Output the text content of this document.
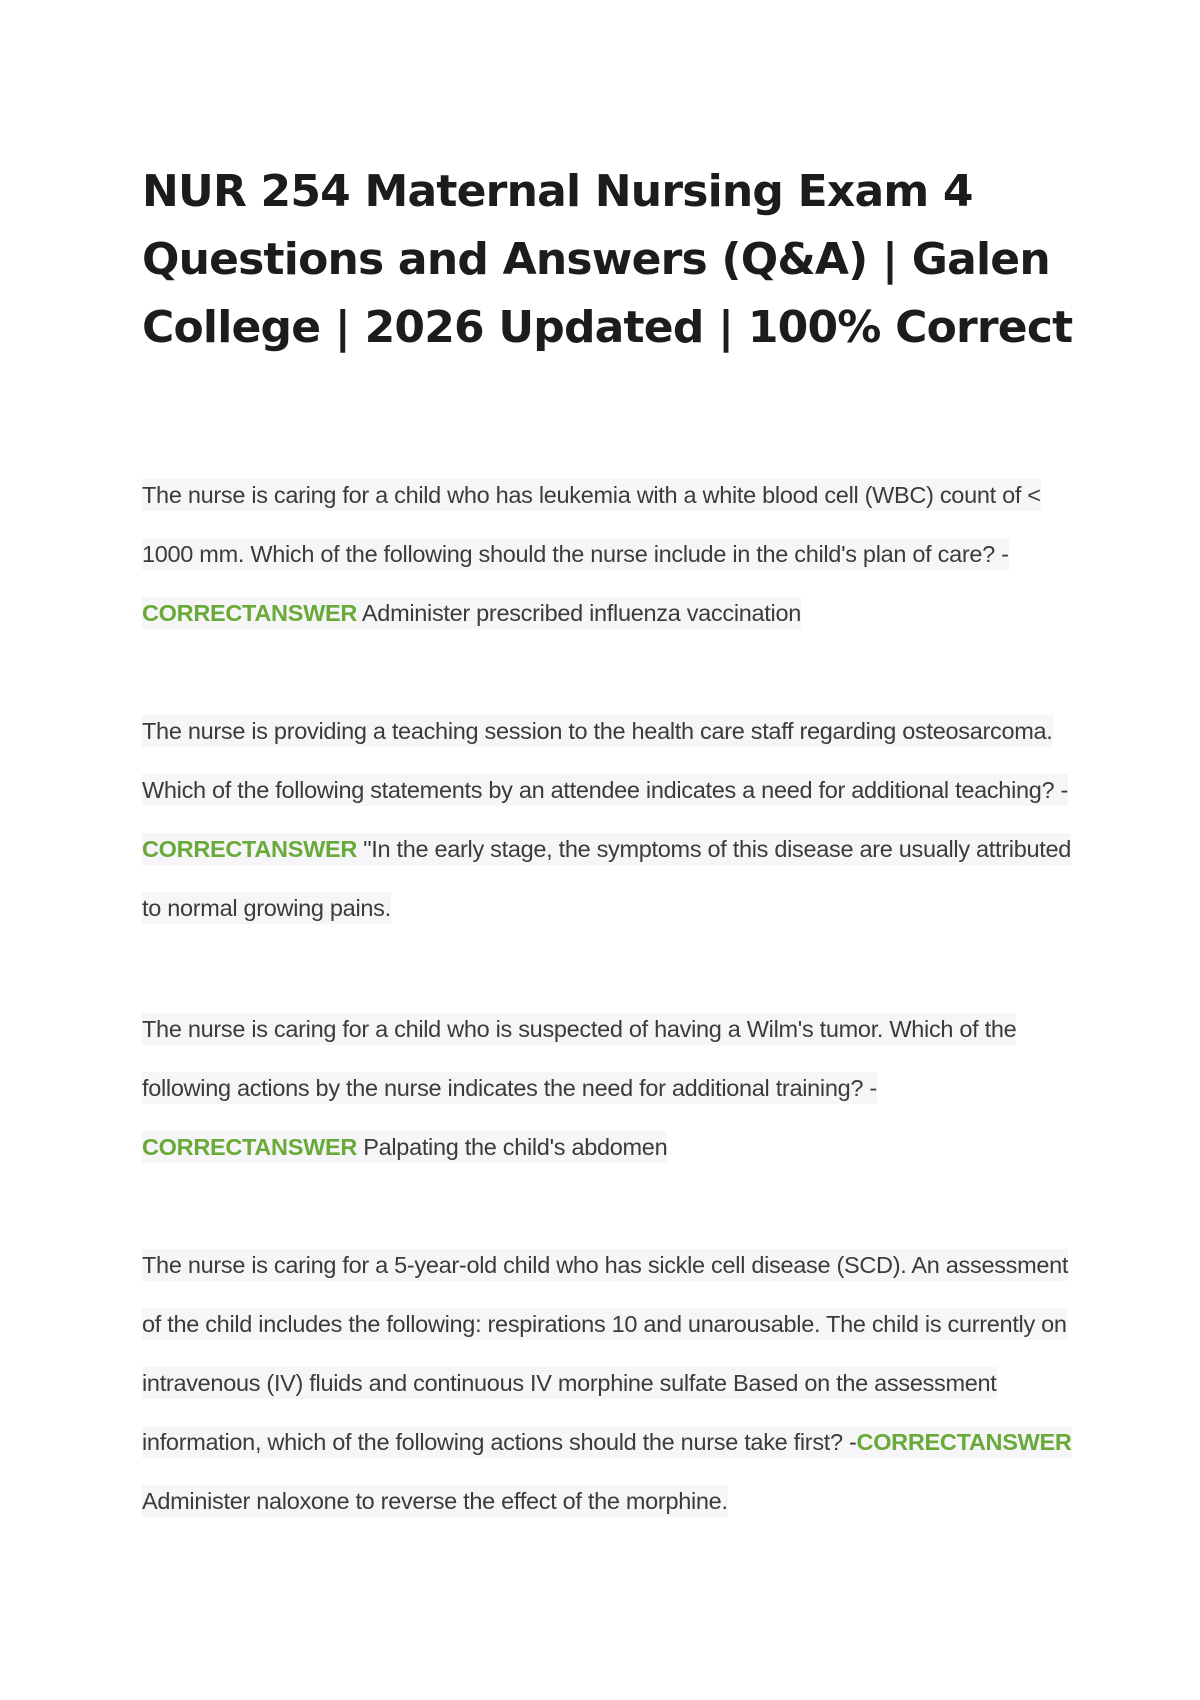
NUR 254 Maternal Nursing Exam 4 Questions and Answers (Q&A) | Galen College | 2026 Updated | 100% Correct

The nurse is caring for a child who has leukemia with a white blood cell (WBC) count of < 1000 mm. Which of the following should the nurse include in the child's plan of care? -CORRECTANSWER Administer prescribed influenza vaccination

The nurse is providing a teaching session to the health care staff regarding osteosarcoma. Which of the following statements by an attendee indicates a need for additional teaching? -CORRECTANSWER "In the early stage, the symptoms of this disease are usually attributed to normal growing pains.

The nurse is caring for a child who is suspected of having a Wilm's tumor. Which of the following actions by the nurse indicates the need for additional training? -CORRECTANSWER Palpating the child's abdomen

The nurse is caring for a 5-year-old child who has sickle cell disease (SCD). An assessment of the child includes the following: respirations 10 and unarousable. The child is currently on intravenous (IV) fluids and continuous IV morphine sulfate Based on the assessment information, which of the following actions should the nurse take first? -CORRECTANSWER Administer naloxone to reverse the effect of the morphine.
